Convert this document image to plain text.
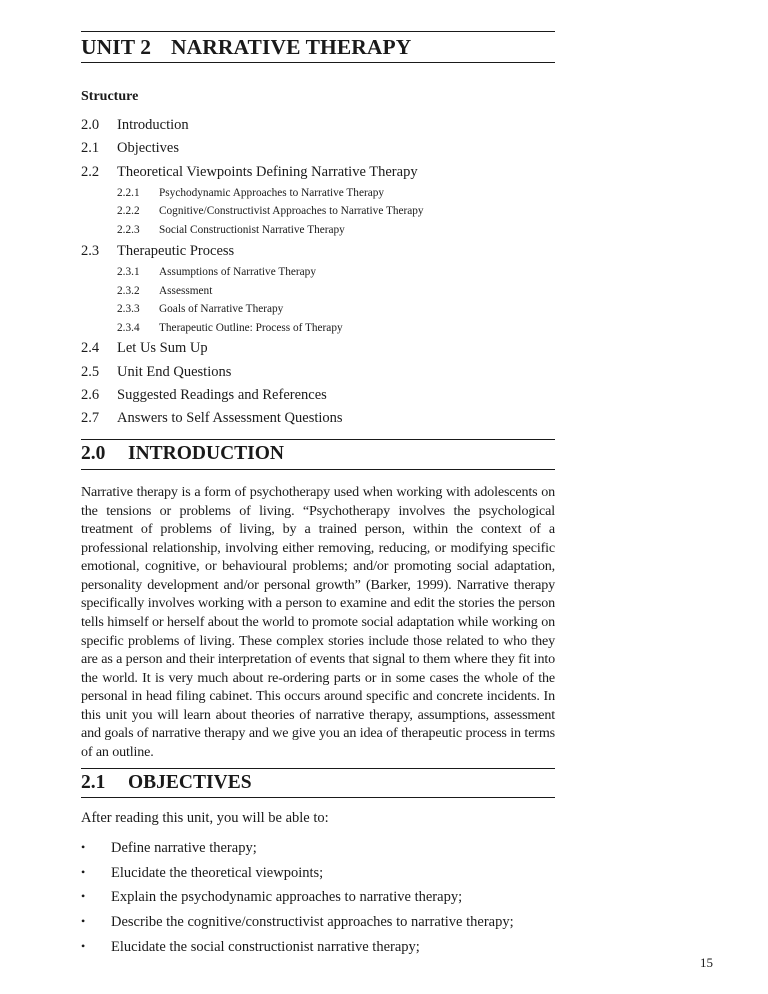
UNIT 2 NARRATIVE THERAPY
Structure
2.0 Introduction
2.1 Objectives
2.2 Theoretical Viewpoints Defining Narrative Therapy
2.2.1 Psychodynamic Approaches to Narrative Therapy
2.2.2 Cognitive/Constructivist Approaches to Narrative Therapy
2.2.3 Social Constructionist Narrative Therapy
2.3 Therapeutic Process
2.3.1 Assumptions of Narrative Therapy
2.3.2 Assessment
2.3.3 Goals of Narrative Therapy
2.3.4 Therapeutic Outline: Process of Therapy
2.4 Let Us Sum Up
2.5 Unit End Questions
2.6 Suggested Readings and References
2.7 Answers to Self Assessment Questions
2.0 INTRODUCTION

Narrative therapy is a form of psychotherapy used when working with adolescents on the tensions or problems of living. “Psychotherapy involves the psychological treatment of problems of living, by a trained person, within the context of a professional relationship, involving either removing, reducing, or modifying specific emotional, cognitive, or behavioural problems; and/or promoting social adaptation, personality development and/or personal growth” (Barker, 1999). Narrative therapy specifically involves working with a person to examine and edit the stories the person tells himself or herself about the world to promote social adaptation while working on specific problems of living. These complex stories include those related to who they are as a person and their interpretation of events that signal to them where they fit into the world. It is very much about re-ordering parts or in some cases the whole of the personal in head filing cabinet. This occurs around specific and concrete incidents. In this unit you will learn about theories of narrative therapy, assumptions, assessment and goals of narrative therapy and we give you an idea of therapeutic process in terms of an outline.

2.1 OBJECTIVES

After reading this unit, you will be able to:

• Define narrative therapy;
• Elucidate the theoretical viewpoints;
• Explain the psychodynamic approaches to narrative therapy;
• Describe the cognitive/constructivist approaches to narrative therapy;
• Elucidate the social constructionist narrative therapy;
15
